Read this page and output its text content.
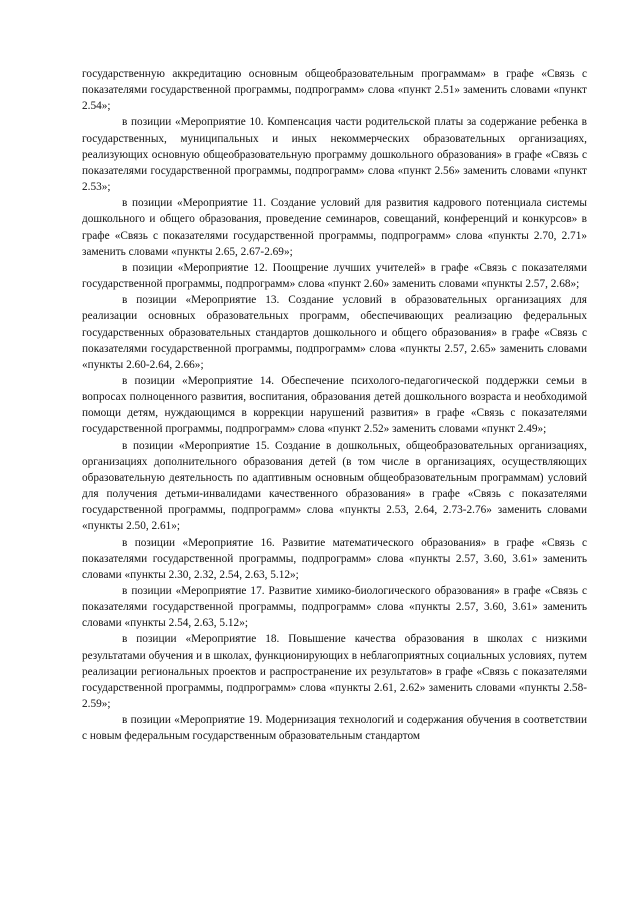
государственную аккредитацию основным общеобразовательным программам» в графе «Связь с показателями государственной программы, подпрограмм» слова «пункт 2.51» заменить словами «пункт 2.54»;

в позиции «Мероприятие 10. Компенсация части родительской платы за содержание ребенка в государственных, муниципальных и иных некоммерческих образовательных организациях, реализующих основную общеобразовательную программу дошкольного образования» в графе «Связь с показателями государственной программы, подпрограмм» слова «пункт 2.56» заменить словами «пункт 2.53»;

в позиции «Мероприятие 11. Создание условий для развития кадрового потенциала системы дошкольного и общего образования, проведение семинаров, совещаний, конференций и конкурсов» в графе «Связь с показателями государственной программы, подпрограмм» слова «пункты 2.70, 2.71» заменить словами «пункты 2.65, 2.67-2.69»;

в позиции «Мероприятие 12. Поощрение лучших учителей» в графе «Связь с показателями государственной программы, подпрограмм» слова «пункт 2.60» заменить словами «пункты 2.57, 2.68»;

в позиции «Мероприятие 13. Создание условий в образовательных организациях для реализации основных образовательных программ, обеспечивающих реализацию федеральных государственных образовательных стандартов дошкольного и общего образования» в графе «Связь с показателями государственной программы, подпрограмм» слова «пункты 2.57, 2.65» заменить словами «пункты 2.60-2.64, 2.66»;

в позиции «Мероприятие 14. Обеспечение психолого-педагогической поддержки семьи в вопросах полноценного развития, воспитания, образования детей дошкольного возраста и необходимой помощи детям, нуждающимся в коррекции нарушений развития» в графе «Связь с показателями государственной программы, подпрограмм» слова «пункт 2.52» заменить словами «пункт 2.49»;

в позиции «Мероприятие 15. Создание в дошкольных, общеобразовательных организациях, организациях дополнительного образования детей (в том числе в организациях, осуществляющих образовательную деятельность по адаптивным основным общеобразовательным программам) условий для получения детьми-инвалидами качественного образования» в графе «Связь с показателями государственной программы, подпрограмм» слова «пункты 2.53, 2.64, 2.73-2.76» заменить словами «пункты 2.50, 2.61»;

в позиции «Мероприятие 16. Развитие математического образования» в графе «Связь с показателями государственной программы, подпрограмм» слова «пункты 2.57, 3.60, 3.61» заменить словами «пункты 2.30, 2.32, 2.54, 2.63, 5.12»;

в позиции «Мероприятие 17. Развитие химико-биологического образования» в графе «Связь с показателями государственной программы, подпрограмм» слова «пункты 2.57, 3.60, 3.61» заменить словами «пункты 2.54, 2.63, 5.12»;

в позиции «Мероприятие 18. Повышение качества образования в школах с низкими результатами обучения и в школах, функционирующих в неблагоприятных социальных условиях, путем реализации региональных проектов и распространение их результатов» в графе «Связь с показателями государственной программы, подпрограмм» слова «пункты 2.61, 2.62» заменить словами «пункты 2.58-2.59»;

в позиции «Мероприятие 19. Модернизация технологий и содержания обучения в соответствии с новым федеральным государственным образовательным стандартом
